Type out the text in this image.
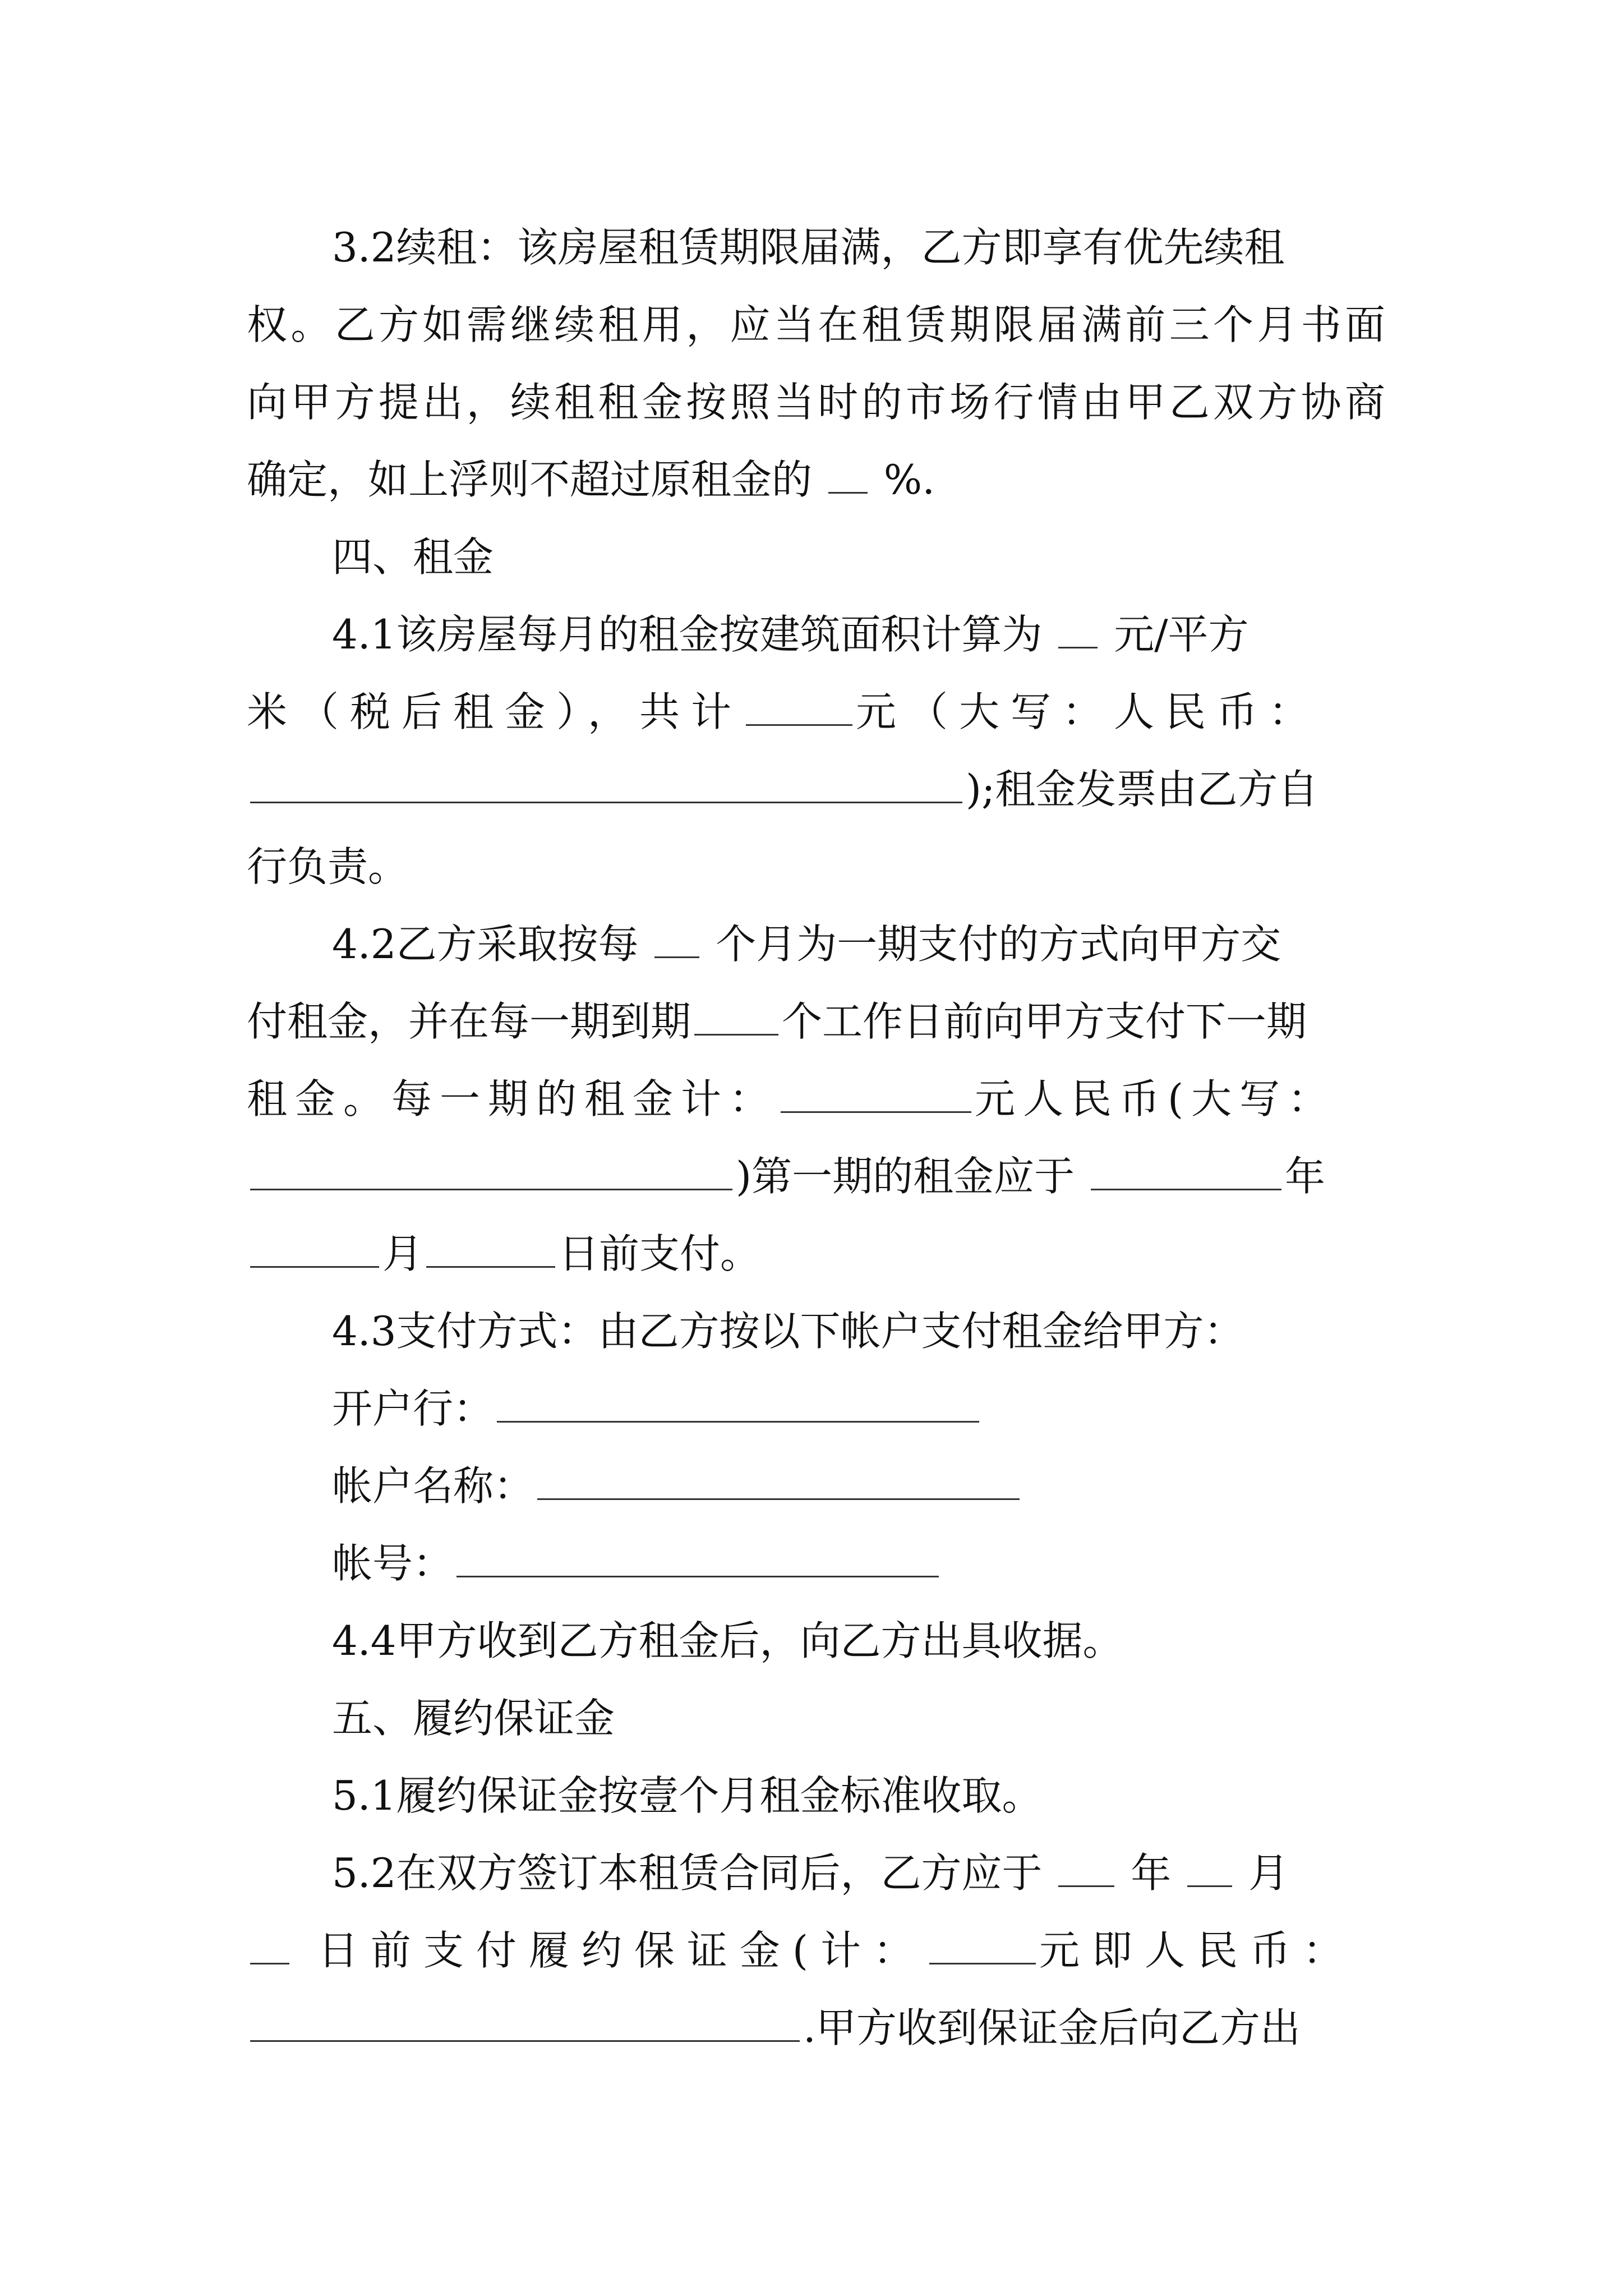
3.2续租：该房屋租赁期限届满，乙方即享有优先续租
权。乙方如需继续租用，应当在租赁期限届满前三个月书面
向甲方提出，续租租金按照当时的市场行情由甲乙双方协商
确定，如上浮则不超过原租金的 %.
四、租金
4.1该房屋每月的租金按建筑面积计算为 元/平方
米（税后租金），共计	元（大写：人民币：
);租金发票由乙方自
行负责。
4.2乙方采取按每 个月为一期支付的方式向甲方交
付租金，并在每一期到期 个工作日前向甲方支付下一期
租金。每一期的租金计：	元人民币(大写：
)第一期的租金应于	年
月	日前支付。
4.3支付方式：由乙方按以下帐户支付租金给甲方：
开户行：
帐户名称：
帐号：
4.4甲方收到乙方租金后，向乙方出具收据。
五、履约保证金
5.1履约保证金按壹个月租金标准收取。
5.2在双方签订本租赁合同后，乙方应于 年 月
日前支付履约保证金(计：	元即人民币：
.甲方收到保证金后向乙方出
